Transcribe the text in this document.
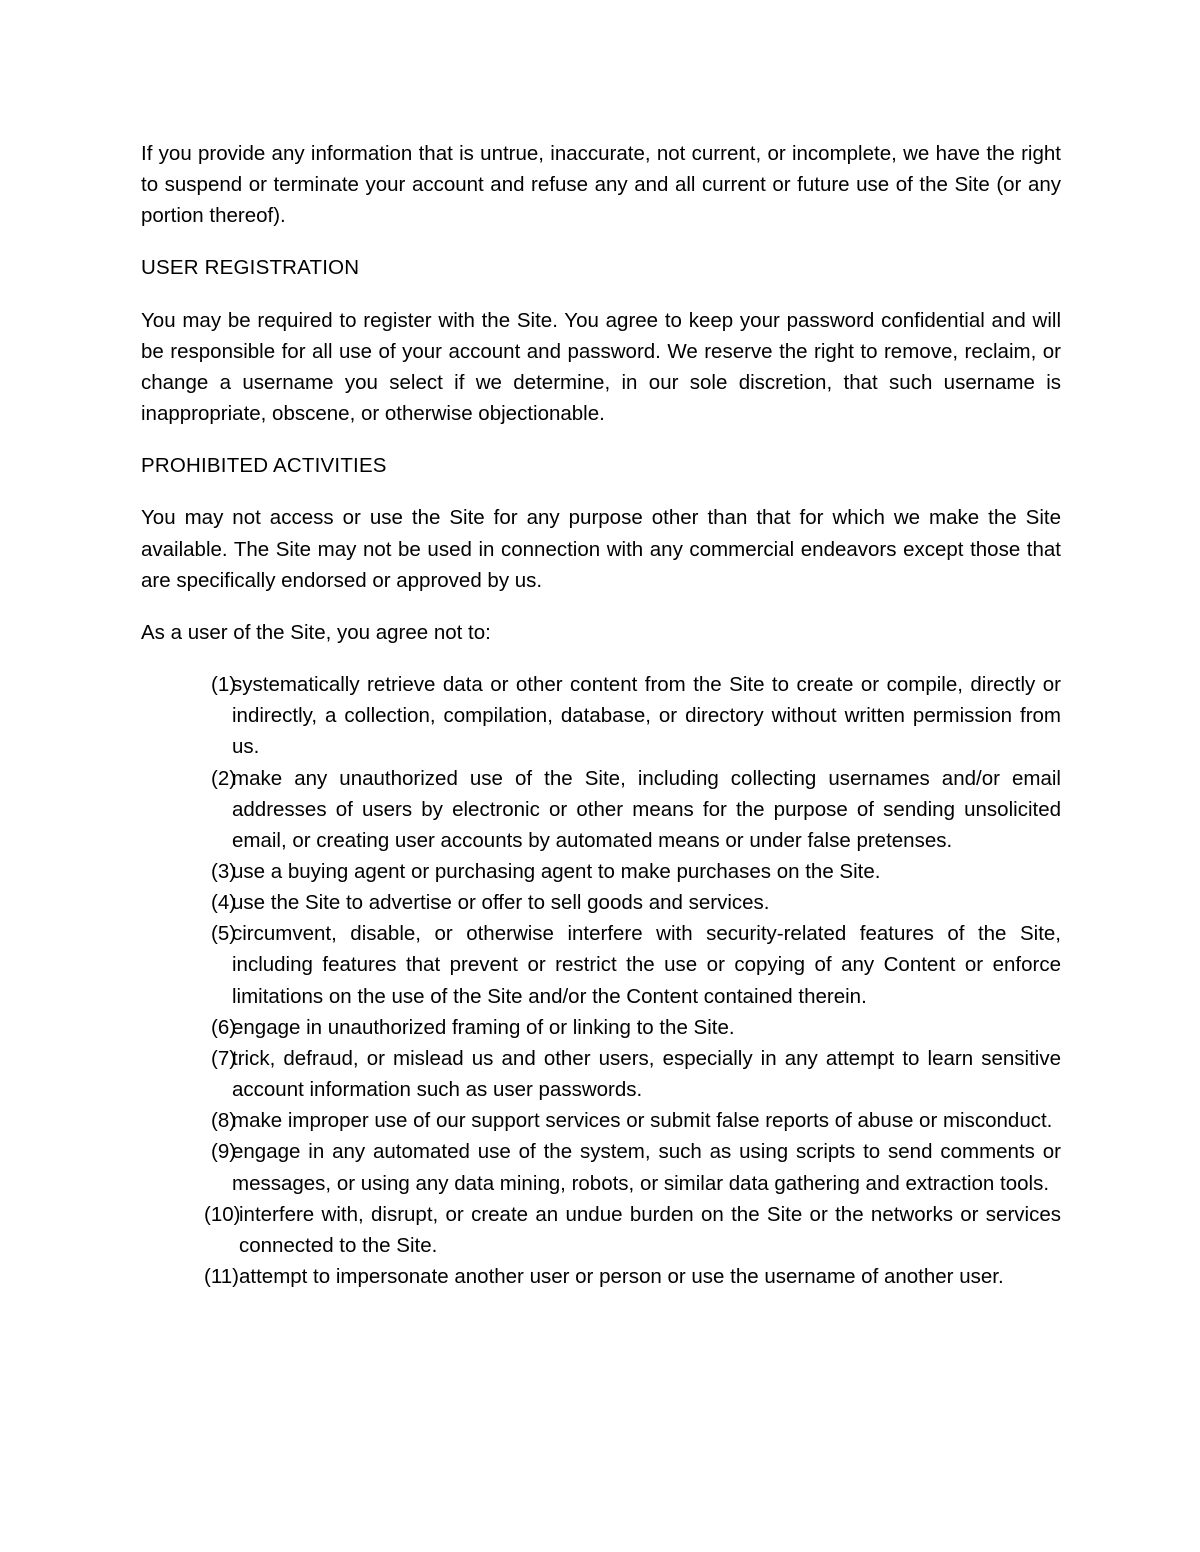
If you provide any information that is untrue, inaccurate, not current, or incomplete, we have the right to suspend or terminate your account and refuse any and all current or future use of the Site (or any portion thereof).

USER REGISTRATION

You may be required to register with the Site. You agree to keep your password confidential and will be responsible for all use of your account and password. We reserve the right to remove, reclaim, or change a username you select if we determine, in our sole discretion, that such username is inappropriate, obscene, or otherwise objectionable.

PROHIBITED ACTIVITIES

You may not access or use the Site for any purpose other than that for which we make the Site available. The Site may not be used in connection with any commercial endeavors except those that are specifically endorsed or approved by us.

As a user of the Site, you agree not to:

(1)
systematically retrieve data or other content from the Site to create or compile, directly or indirectly, a collection, compilation, database, or directory without written permission from us.
(2)
make any unauthorized use of the Site, including collecting usernames and/or email addresses of users by electronic or other means for the purpose of sending unsolicited email, or creating user accounts by automated means or under false pretenses.
(3)
use a buying agent or purchasing agent to make purchases on the Site.
(4)
use the Site to advertise or offer to sell goods and services.
(5)
circumvent, disable, or otherwise interfere with security-related features of the Site, including features that prevent or restrict the use or copying of any Content or enforce limitations on the use of the Site and/or the Content contained therein.
(6)
engage in unauthorized framing of or linking to the Site.
(7)
trick, defraud, or mislead us and other users, especially in any attempt to learn sensitive account information such as user passwords.
(8)
make improper use of our support services or submit false reports of abuse or misconduct.
(9)
engage in any automated use of the system, such as using scripts to send comments or messages, or using any data mining, robots, or similar data gathering and extraction tools.
(10)
interfere with, disrupt, or create an undue burden on the Site or the networks or services connected to the Site.
(11) attempt to impersonate another user or person or use the username of another user.
